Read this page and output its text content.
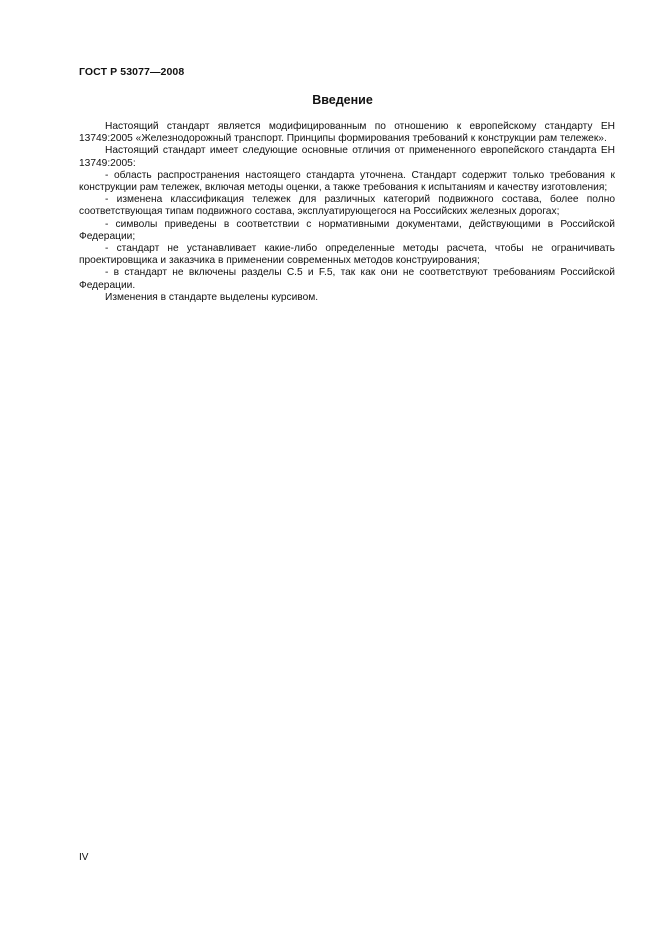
ГОСТ Р 53077—2008
Введение

Настоящий стандарт является модифицированным по отношению к европейскому стандарту ЕН 13749:2005 «Железнодорожный транспорт. Принципы формирования требований к конструкции рам тележек».

Настоящий стандарт имеет следующие основные отличия от примененного европейского стандарта ЕН 13749:2005:

- область распространения настоящего стандарта уточнена. Стандарт содержит только требования к конструкции рам тележек, включая методы оценки, а также требования к испытаниям и качеству изготовления;

- изменена классификация тележек для различных категорий подвижного состава, более полно соответствующая типам подвижного состава, эксплуатирующегося на Российских железных дорогах;

- символы приведены в соответствии с нормативными документами, действующими в Российской Федерации;

- стандарт не устанавливает какие-либо определенные методы расчета, чтобы не ограничивать проектировщика и заказчика в применении современных методов конструирования;

- в стандарт не включены разделы С.5 и F.5, так как они не соответствуют требованиям Российской Федерации.

Изменения в стандарте выделены курсивом.

IV
